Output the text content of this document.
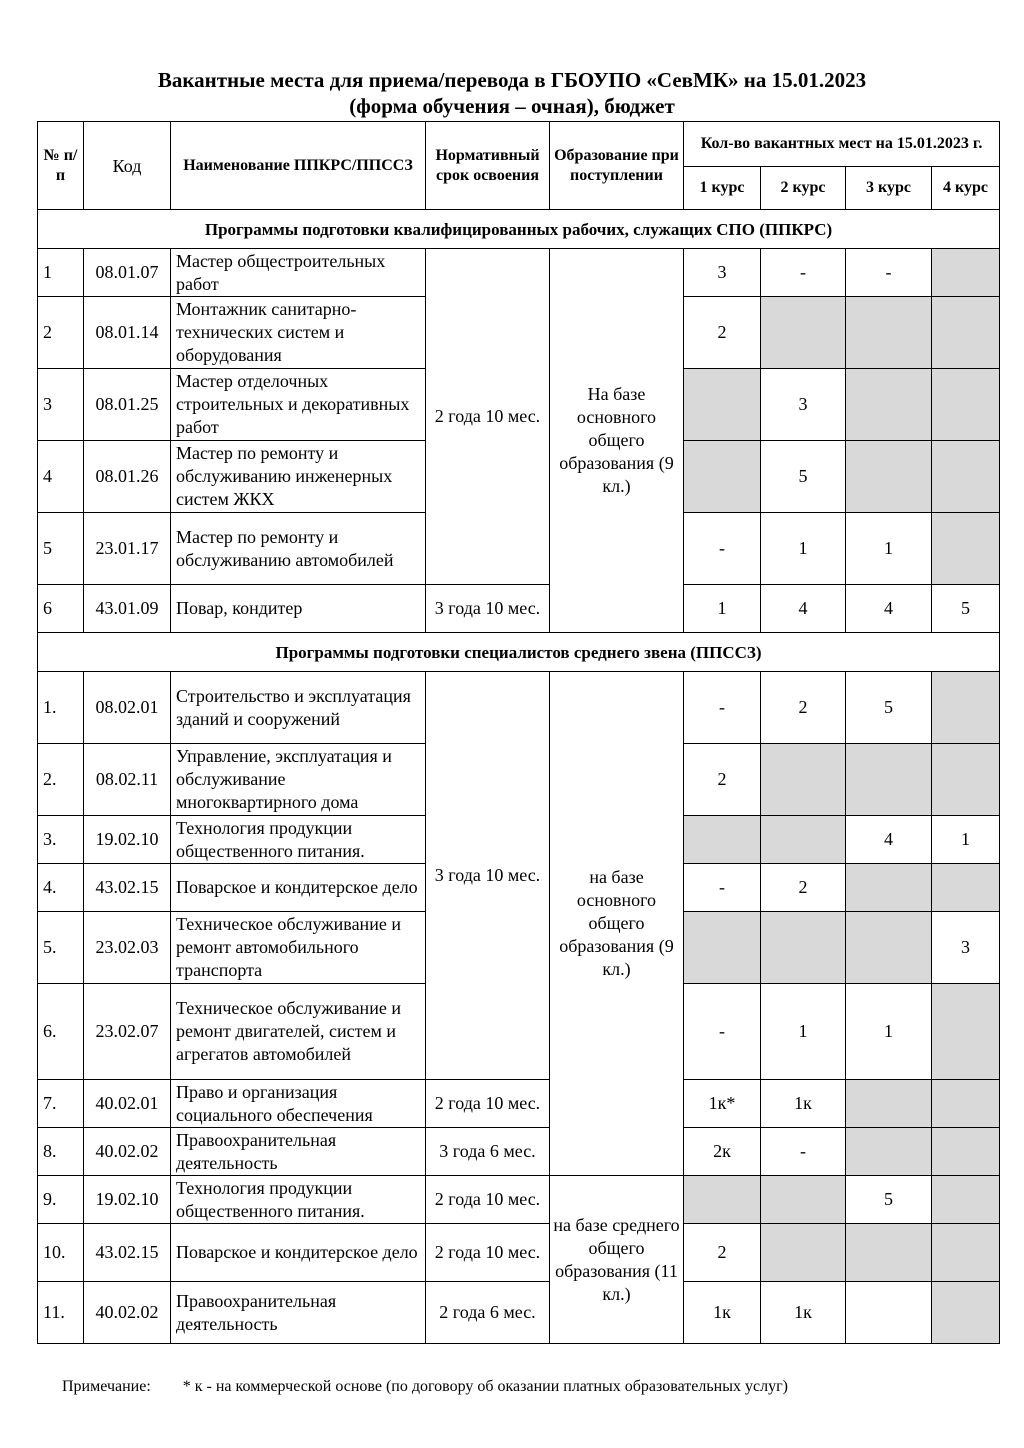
Вакантные места для приема/перевода в ГБОУПО «СевМК» на 15.01.2023
(форма обучения – очная), бюджет
№ п/п	Код	Наименование ППКРС/ППССЗ	Нормативный срок освоения	Образование при поступлении	Кол-во вакантных мест на 15.01.2023 г.			
					1 курс	2 курс	3 курс	4 курс
Программы подготовки квалифицированных рабочих, служащих СПО (ППКРС)								
1	08.01.07	Мастер общестроительных работ	2 года 10 мес.	На базе основного общего образования (9 кл.)	3	-	-	
2	08.01.14	Монтажник санитарно-технических систем и оборудования			2			
3	08.01.25	Мастер отделочных строительных и декоративных работ				3		
4	08.01.26	Мастер по ремонту и обслуживанию инженерных систем ЖКХ				5		
5	23.01.17	Мастер по ремонту и обслуживанию автомобилей			-	1	1	
6	43.01.09	Повар, кондитер	3 года 10 мес.		1	4	4	5
Программы подготовки специалистов среднего звена (ППССЗ)								
1.	08.02.01	Строительство и эксплуатация зданий и сооружений	3 года 10 мес.	на базе основного общего образования (9 кл.)	-	2	5	
2.	08.02.11	Управление, эксплуатация и обслуживание многоквартирного дома			2			
3.	19.02.10	Технология продукции общественного питания.					4	1
4.	43.02.15	Поварское и кондитерское дело			-	2		
5.	23.02.03	Техническое обслуживание и ремонт автомобильного транспорта						3
6.	23.02.07	Техническое обслуживание и ремонт двигателей, систем и агрегатов автомобилей			-	1	1	
7.	40.02.01	Право и организация социального обеспечения	2 года 10 мес.		1к*	1к		
8.	40.02.02	Правоохранительная деятельность	3 года 6 мес.		2к	-		
9.	19.02.10	Технология продукции общественного питания.	2 года 10 мес.	на базе среднего общего образования (11 кл.)			5	
10.	43.02.15	Поварское и кондитерское дело	2 года 10 мес.		2			
11.	40.02.02	Правоохранительная деятельность	2 года 6 мес.		1к	1к		
Примечание: * к - на коммерческой основе (по договору об оказании платных образовательных услуг)
